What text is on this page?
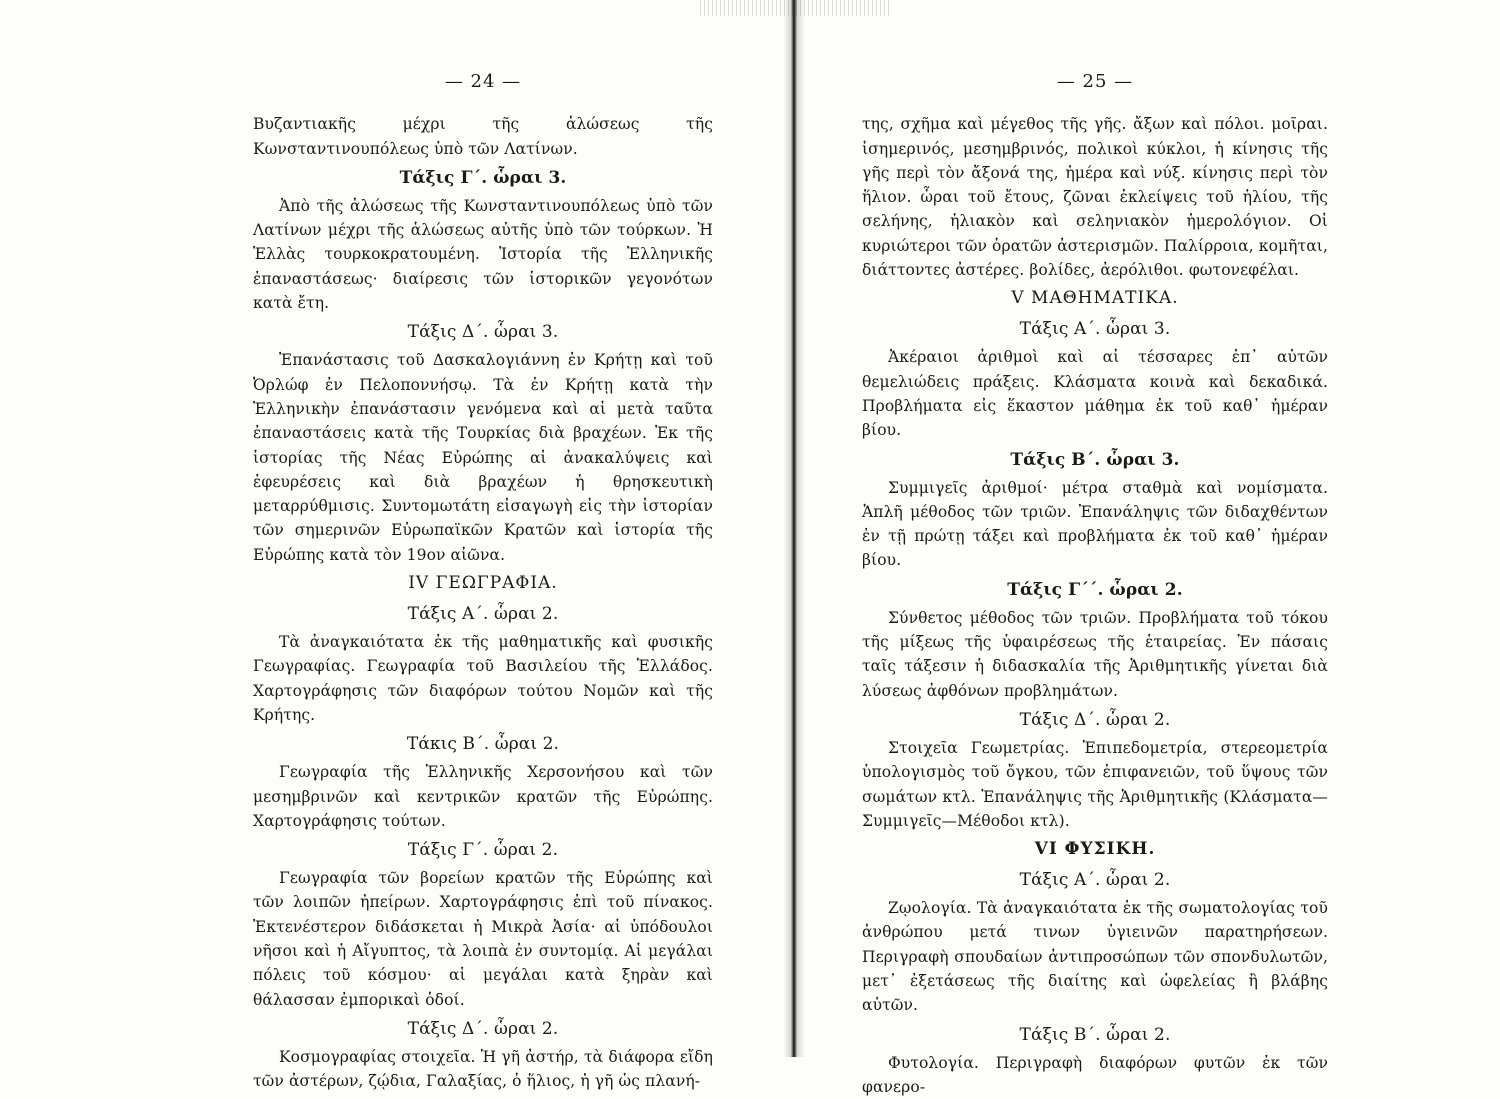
— 24 —

Βυζαντιακῆς μέχρι τῆς ἁλώσεως τῆς Κωνσταντινουπόλεως ὑπὸ τῶν Λατίνων.

Τάξις Γ΄. ὧραι 3.

Ἀπὸ τῆς ἁλώσεως τῆς Κωνσταντινουπόλεως ὑπὸ τῶν Λατίνων μέχρι τῆς ἁλώσεως αὐτῆς ὑπὸ τῶν τούρκων. Ἡ Ἑλλὰς τουρκοκρατουμένη. Ἱστορία τῆς Ἑλληνικῆς ἐπαναστάσεως· διαίρεσις τῶν ἱστορικῶν γεγονότων κατὰ ἔτη.

Τάξις Δ΄. ὧραι 3.

Ἐπανάστασις τοῦ Δασκαλογιάννη ἐν Κρήτῃ καὶ τοῦ Ὀρλώφ ἐν Πελοποννήσῳ. Τὰ ἐν Κρήτῃ κατὰ τὴν Ἑλληνικὴν ἐπανάστασιν γενόμενα καὶ αἱ μετὰ ταῦτα ἐπαναστάσεις κατὰ τῆς Τουρκίας διὰ βραχέων. Ἐκ τῆς ἱστορίας τῆς Νέας Εὐρώπης αἱ ἀνακαλύψεις καὶ ἐφευρέσεις καὶ διὰ βραχέων ἡ θρησκευτικὴ μεταρρύθμισις. Συντομωτάτη εἰσαγωγὴ εἰς τὴν ἱστορίαν τῶν σημερινῶν Εὐρωπαϊκῶν Κρατῶν καὶ ἱστορία τῆς Εὐρώπης κατὰ τὸν 19ον αἰῶνα.

IV ΓΕΩΓΡΑΦΙΑ.
Τάξις Α΄. ὧραι 2.

Τὰ ἀναγκαιότατα ἐκ τῆς μαθηματικῆς καὶ φυσικῆς Γεωγραφίας. Γεωγραφία τοῦ Βασιλείου τῆς Ἑλλάδος. Χαρτογράφησις τῶν διαφόρων τούτου Νομῶν καὶ τῆς Κρήτης.

Τάκις Β΄. ὧραι 2.

Γεωγραφία τῆς Ἑλληνικῆς Χερσονήσου καὶ τῶν μεσημβρινῶν καὶ κεντρικῶν κρατῶν τῆς Εὐρώπης. Χαρτογράφησις τούτων.

Τάξις Γ΄. ὧραι 2.

Γεωγραφία τῶν βορείων κρατῶν τῆς Εὐρώπης καὶ τῶν λοιπῶν ἠπείρων. Χαρτογράφησις ἐπὶ τοῦ πίνακος. Ἐκτενέστερον διδάσκεται ἡ Μικρὰ Ἀσία· αἱ ὑπόδουλοι νῆσοι καὶ ἡ Αἴγυπτος, τὰ λοιπὰ ἐν συντομίᾳ. Αἱ μεγάλαι πόλεις τοῦ κόσμου· αἱ μεγάλαι κατὰ ξηρὰν καὶ θάλασσαν ἐμπορικαὶ ὁδοί.

Τάξις Δ΄. ὧραι 2.

Κοσμογραφίας στοιχεῖα. Ἡ γῆ ἀστήρ, τὰ διάφορα εἴδη τῶν ἀστέρων, ζῴδια, Γαλαξίας, ὁ ἥλιος, ἡ γῆ ὡς πλανή-

— 25 —

της, σχῆμα καὶ μέγεθος τῆς γῆς. ἄξων καὶ πόλοι. μοῖραι. ἰσημερινός, μεσημβρινός, πολικοὶ κύκλοι, ἡ κίνησις τῆς γῆς περὶ τὸν ἄξονά της, ἡμέρα καὶ νύξ. κίνησις περὶ τὸν ἥλιον. ὧραι τοῦ ἔτους, ζῶναι ἐκλείψεις τοῦ ἡλίου, τῆς σελήνης, ἡλιακὸν καὶ σεληνιακὸν ἡμερολόγιον. Οἱ κυριώτεροι τῶν ὁρατῶν ἀστερισμῶν. Παλίρροια, κομῆται, διάττοντες ἀστέρες. βολίδες, ἀερόλιθοι. φωτονεφέλαι.

V ΜΑΘΗΜΑΤΙΚΑ.
Τάξις Α΄. ὧραι 3.

Ἀκέραιοι ἀριθμοὶ καὶ αἱ τέσσαρες ἐπ᾽ αὐτῶν θεμελιώδεις πράξεις. Κλάσματα κοινὰ καὶ δεκαδικά. Προβλήματα εἰς ἕκαστον μάθημα ἐκ τοῦ καθ᾽ ἡμέραν βίου.

Τάξις Β΄. ὧραι 3.

Συμμιγεῖς ἀριθμοί· μέτρα σταθμὰ καὶ νομίσματα. Ἁπλῆ μέθοδος τῶν τριῶν. Ἐπανάληψις τῶν διδαχθέντων ἐν τῇ πρώτῃ τάξει καὶ προβλήματα ἐκ τοῦ καθ᾽ ἡμέραν βίου.

Τάξις Γ΄΄. ὧραι 2.

Σύνθετος μέθοδος τῶν τριῶν. Προβλήματα τοῦ τόκου τῆς μίξεως τῆς ὑφαιρέσεως τῆς ἑταιρείας. Ἐν πάσαις ταῖς τάξεσιν ἡ διδασκαλία τῆς Ἀριθμητικῆς γίνεται διὰ λύσεως ἀφθόνων προβλημάτων.

Τάξις Δ΄. ὧραι 2.

Στοιχεῖα Γεωμετρίας. Ἐπιπεδομετρία, στερεομετρία ὑπολογισμὸς τοῦ ὄγκου, τῶν ἐπιφανειῶν, τοῦ ὕψους τῶν σωμάτων κτλ. Ἐπανάληψις τῆς Ἀριθμητικῆς (Κλάσματα—Συμμιγεῖς—Μέθοδοι κτλ).

VI ΦΥΣΙΚΗ.
Τάξις Α΄. ὧραι 2.

Ζῳολογία. Τὰ ἀναγκαιότατα ἐκ τῆς σωματολογίας τοῦ ἀνθρώπου μετά τινων ὑγιεινῶν παρατηρήσεων. Περιγραφὴ σπουδαίων ἀντιπροσώπων τῶν σπονδυλωτῶν, μετ᾽ ἐξετάσεως τῆς διαίτης καὶ ὠφελείας ἢ βλάβης αὐτῶν.

Τάξις Β΄. ὧραι 2.

Φυτολογία. Περιγραφὴ διαφόρων φυτῶν ἐκ τῶν φανερο-
